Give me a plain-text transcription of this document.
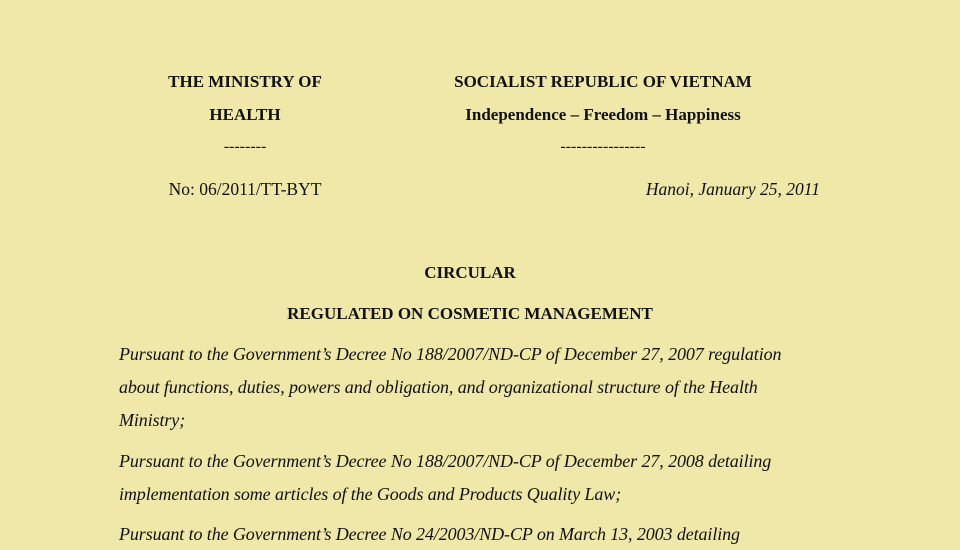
THE MINISTRY OF
HEALTH
--------
No: 06/2011/TT-BYT
SOCIALIST REPUBLIC OF VIETNAM
Independence – Freedom – Happiness
----------------
Hanoi, January 25, 2011
CIRCULAR
REGULATED ON COSMETIC MANAGEMENT
Pursuant to the Government’s Decree No 188/2007/ND-CP of December 27, 2007 regulation
about functions, duties, powers and obligation, and organizational structure of the Health
Ministry;
Pursuant to the Government’s Decree No 188/2007/ND-CP of December 27, 2008 detailing
implementation some articles of the Goods and Products Quality Law;
Pursuant to the Government’s Decree No 24/2003/ND-CP on March 13, 2003 detailing
